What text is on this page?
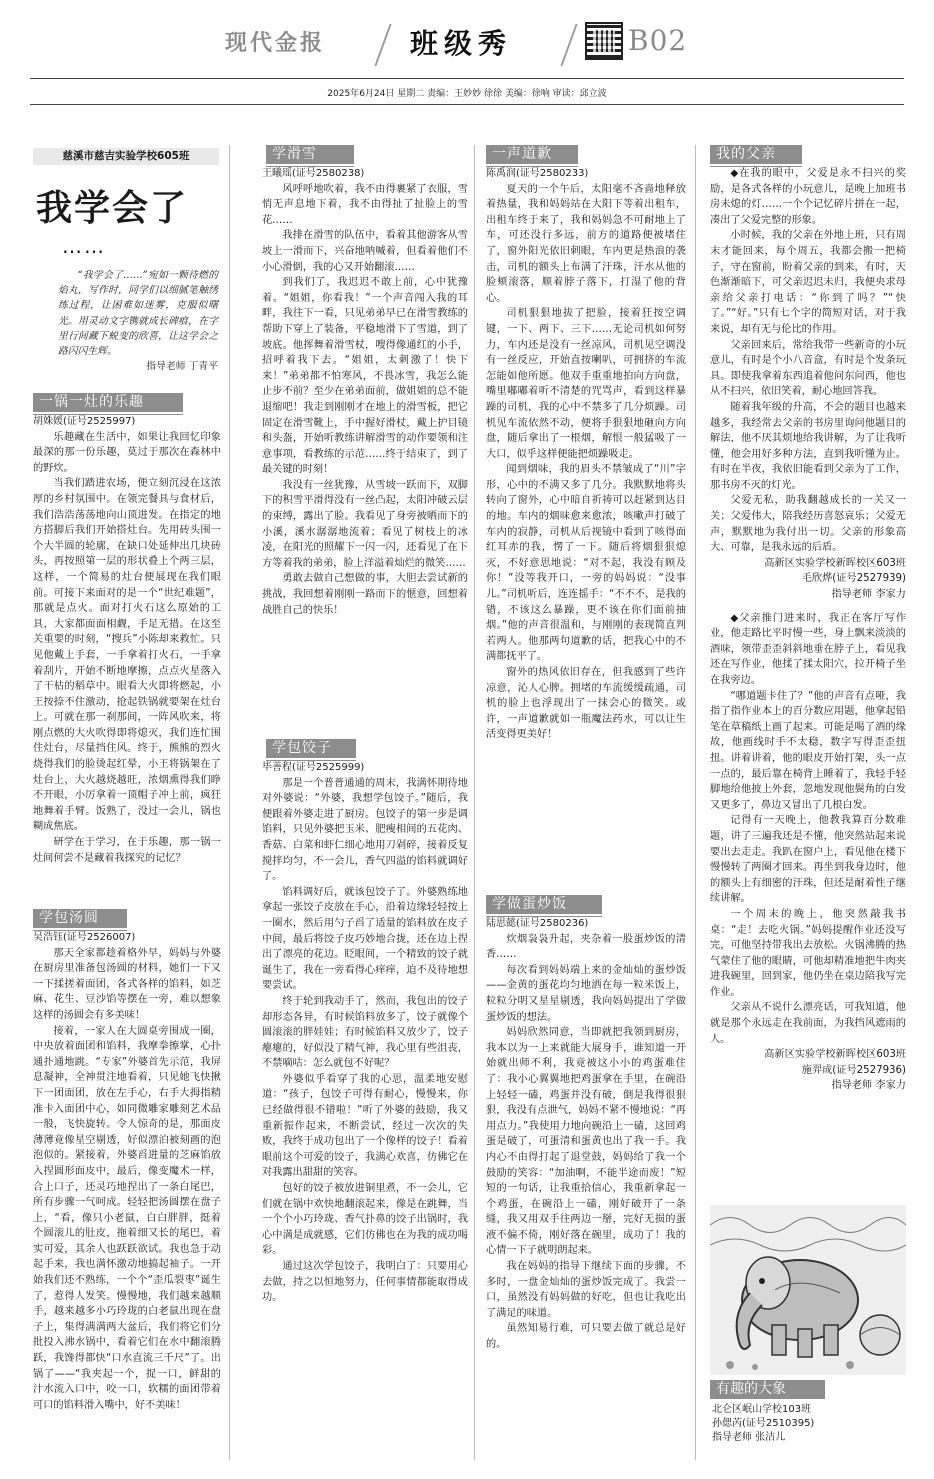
现代金报	班级秀	B02
2025年6月24日 星期二 责编：王妙妙 徐徐 美编：徐响 审读：邱立波
慈溪市慈吉实验学校605班
我学会了
……
“我学会了……”宛如一颗待燃的焰丸，写作时，同学们以细腻笔触绣练过程，让困难如迷雾，克服似曙光。用灵动文字镌就成长碑痕，在字里行间藏下蜕变的欣喜，让这学会之路闪闪生辉。
指导老师 丁青平
一锅一灶的乐趣

胡姝媛(证号2525997)

乐趣藏在生活中，如果让我回忆印象最深的那一份乐趣，莫过于那次在森林中的野炊。

当我们踏进农场，便立刻沉浸在这浓厚的乡村氛围中。在领完餐具与食材后，我们浩浩荡荡地向山顶进发。在指定的地方搭脚后我们开始搭灶台。先用砖头围一个大半圆的轮廓，在缺口处延伸出几块砖头，再按照第一层的形状叠上个两三层，这样，一个简易的灶台便展现在我们眼前。可接下来面对的是一个“世纪难题”，那就是点火。面对打火石这么原始的工具，大家都面面相觑，手足无措。在这至关重要的时刻，“搜兵”小陈却来救忙。只见他戴上手套，一手拿着打火石，一手拿着刮片，开始不断地摩擦，点点火星落入了干枯的稻草中。眼看大火即将燃起，小王按捺不住激动，抢起铁锅就要架在灶台上。可就在那一刹那间，一阵风吹来，将刚点燃的大火吹得即将熄灭，我们连忙围住灶台，尽量挡住风。终于，熊熊的烈火烧得我们的脸烫起红晕，小王将锅架在了灶台上，大火越烧越旺，浓烟熏得我们睁不开眼，小厉拿着一顶帽子冲上前，疯狂地舞着手臂。饭熟了，没过一会儿，锅也糊成焦底。

研学在于学习，在于乐趣，那一锅一灶间何尝不是藏着我探究的记忆？

学包汤圆

吴浩钰(证号2526007)

那天全家都趁着格外早，妈妈与外婆在厨房里准备包汤圆的材料，她们一下又一下揉搓着面团，各式各样的馅料，如芝麻、花生、豆沙馅等摆在一旁，难以想象这样的汤圆会有多美味！

接着，一家人在大圆桌旁围成一圈，中央放着面团和馅料，我摩拳擦掌，心扑通扑通地跳。“专家”外婆首先示范，我屏息凝神，全神贯注地看着，只见她飞快揪下一团面团，放在左手心，右手大拇指精准卡入面团中心，如同微雕家雕刻艺术品一般，飞快旋转。令人惊奇的是，那面皮薄薄竟像星空剔透，好似漂泊被刻画的泡泡似的。紧接着，外婆舀进量的芝麻馅放入捏圆形面皮中，最后，像变魔术一样，合上口子，还灵巧地捏出了一条白尾巴，所有步骤一气呵成。轻轻把汤圆摆在盘子上，“看，像只小老鼠，白白胖胖，挺着个圆滚儿的肚皮，拖着细又长的尾巴，着实可爱，其余人也跃跃欲试。我也急于动起手来，我也满怀激动地搞起袖子。一开始我们还不熟练，一个个“歪瓜裂枣”诞生了，惹得人发笑。慢慢地，我们越来越顺手，越来越多小巧玲珑的白老鼠出现在盘子上，集得满满两大盆后，我们将它们分批投入沸水锅中，看着它们在水中翻滚腾跃，我馋得都快“口水直流三千尺”了。出锅了——“我夹起一个，捉一口，鲜甜的汁水流入口中，咬一口，软糯的面团带着可口的馅料滑入嘴中，好不美味！

学滑雪

王曦瑶(证号2580238)

风呼呼地吹着，我不由得裹紧了衣服，雪悄无声息地下着，我不由得扯了扯脸上的雪花……

我排在滑雪的队伍中，看着其他游客从雪坡上一滑而下，兴奋地呐喊着，但看着他们不小心滑倒，我的心又开始翻滚……

到我们了，我迟迟不敢上前，心中犹豫着。“姐姐，你看我！”一个声音闯入我的耳畔，我往下一看，只见弟弟早已在滑雪教练的帮助下穿上了装备，平稳地滑下了雪道，到了坡底。他挥舞着滑雪杖，嗖得像通红的小手，招呼着我下去。“姐姐，太刺激了！快下来！”弟弟都不怕寒风，不畏冰雪，我怎么能止步不前？至少在弟弟面前，做姐姐的总不能退缩吧！我走到刚刚才在地上的滑雪板，把它固定在滑雪靴上，手中握好滑杖，戴上护目镜和头盔，开始听教练讲解滑雪的动作要领和注意事项，看教练的示范……终于结束了，到了最关键的时刻！

我没有一丝犹豫，从雪坡一跃而下，双脚下的积雪平滑得没有一丝凸起，太阳冲破云层的束缚，露出了脸。我看见了身旁被晒而下的小溪，溪水潺潺地流着；看见了树枝上的冰凌，在阳光的照耀下一闪一闪，还看见了在下方等着我的弟弟，脸上洋溢着灿烂的微笑……

勇敢去做自己想做的事，大胆去尝试新的挑战，我回想着刚刚一路而下的惬意，回想着战胜自己的快乐！

学包饺子

毕善程(证号2525999)

那是一个普普通通的周末，我满怀期待地对外婆说：“外婆，我想学包饺子。”随后，我便跟着外婆走进了厨房。包饺子的第一步是调馅料，只见外婆把玉米、肥瘦相间的五花肉、香菇、白菜和虾仁细心地用刀剁碎，接着反复搅拌均匀，不一会儿，香气四溢的馅料就调好了。

馅料调好后，就该包饺子了。外婆熟练地拿起一张饺子皮放在手心，沿着边缘轻轻按上一圈水，然后用勺子舀了适量的馅料放在皮子中间，最后将饺子皮巧妙地合拢，还在边上捏出了漂亮的花边。眨眼间，一个精致的饺子就诞生了，我在一旁看得心痒痒，迫不及待地想要尝试。

终于轮到我动手了，然而，我包出的饺子却形态各异，有时候馅料放多了，饺子就像个圆滚滚的胖娃娃；有时候馅料又放少了，饺子瘪瘪的，好似没了精气神，我心里有些沮丧，不禁嘀咕：怎么就包不好呢？

外婆似乎看穿了我的心思，温柔地安慰道：“孩子，包饺子可得有耐心，慢慢来，你已经做得很不错啦！”听了外婆的鼓励，我又重新振作起来，不断尝试，经过一次次的失败，我终于成功包出了一个像样的饺子！看着眼前这个可爱的饺子，我满心欢喜，仿佛它在对我露出甜甜的笑容。

包好的饺子被放进铜里煮，不一会儿，它们就在锅中欢快地翻滚起来，像是在跳舞，当一个个小巧玲珑、香气扑鼻的饺子出锅时，我心中满是成就感，它们仿佛也在为我的成功喝彩。

通过这次学包饺子，我明白了：只要用心去做，持之以恒地努力，任何事情都能取得成功。

一声道歉

陈禹润(证号2580233)

夏天的一个午后，太阳毫不吝啬地释放着热量，我和妈妈站在大阳下等着出租车，出租车终于来了，我和妈妈急不可耐地上了车，可还没行多远，前方的道路便被堵住了，窗外阳光依旧刺眼，车内更是热浪的袭击，司机的额头上布满了汗珠，汗水从他的脸颊滚落，顺着脖子落下，打湿了他的背心。

司机狠狠地拔了把脸，接着狂按空调键，一下、两下、三下……无论司机如何努力，车内还是没有一丝凉风，司机见空调没有一丝反应，开始直按喇叭，可拥挤的车流怎能如他所愿。他双手重重地拍向方向盘，嘴里嘟嘟着听不清楚的咒骂声，看到这样暴躁的司机，我的心中不禁多了几分烦躁。司机见车流依然不动，便将手狠狠地砸向方向盘，随后拿出了一根烟，解恨一般猛吸了一大口，似乎这样便能把烦躁吸走。

闻到烟味，我的眉头不禁皱成了“川”字形，心中的不满又多了几分。我默默地将头转向了窗外，心中暗自祈祷可以赶紧到达目的地。车内的烟味愈来愈浓，咳嗽声打破了车内的寂静，司机从后视镜中看到了咳得面红耳赤的我，愣了一下。随后将烟狠狠熄灭，不好意思地说：“对不起，我没有顾及你！”没等我开口，一旁的妈妈说：“没事儿。”司机听后，连连摇手：“不不不，是我的错，不该这么暴躁，更不该在你们面前抽烟。”他的声音很温和，与刚刚的表现简直判若两人。他那两句道歉的话，把我心中的不满都抚平了。

窗外的热风依旧存在，但我感到了些许凉意，沁人心脾。拥堵的车流缓缓疏通，司机的脸上也浮现出了一抹会心的微笑。或许，一声道歉就如一瓶魔法药水，可以让生活变得更美好！

学做蛋炒饭

陆思懿(证号2580236)

炊烟袅袅升起，夹杂着一股蛋炒饭的清香……

每次看到妈妈端上来的金灿灿的蛋炒饭——金黄的蛋花均匀地洒在每一粒米饭上，粒粒分明又星星剔透，我向妈妈提出了学做蛋炒饭的想法。

妈妈欣然同意，当即就把我领到厨房，我本以为一上来就能大展身手，谁知道一开始就出师不利，我竟被这小小的鸡蛋难住了：我小心翼翼地把鸡蛋拿在手里，在碗沿上轻轻一磕，鸡蛋并没有破，倒是我得很狠狠，我没有点泄气，妈妈不紧不慢地说：“再用点力。”我使用力地向碗沿上一磕，这回鸡蛋是破了，可蛋清和蛋黄也出了我一手。我内心不由得打起了退堂鼓，妈妈给了我一个鼓励的笑容：“加油啊，不能半途而废！”短短的一句话，让我重拾信心，我重新拿起一个鸡蛋，在碗沿上一磕，刚好破开了一条缝，我又用双手往两边一掰，完好无损的蛋液不偏不倚，刚好落在碗里，成功了！我的心情一下子就明朗起来。

我在妈妈的指导下继续下面的步骤，不多时，一盘金灿灿的蛋炒饭完成了。我尝一口，虽然没有妈妈做的好吃，但也让我吃出了满足的味道。

虽然知易行难，可只要去做了就总是好的。

我的父亲

◆在我的眼中，父爱是永不扫兴的奖励，是各式各样的小玩意儿，是晚上加班书房未熄的灯……一个个记忆碎片拼在一起，凑出了父爱完整的形象。

小时候，我的父亲在外地上班，只有周末才能回来，每个周五，我都会搬一把椅子，守在窗前，盼着父亲的到来，有时，天色渐渐暗下，可父亲迟迟未归，我便央求母亲给父亲打电话：“你到了吗？”“快了。”“好。”只有七个字的简短对话，对于我来说，却有无与伦比的作用。

父亲回来后，常给我带一些新奇的小玩意儿，有时是个小八音盒，有时是个发条玩具。即使我拿着东西追着他问东问西，他也从不扫兴，依旧笑着，耐心地回答我。

随着我年级的升高，不会的题目也越来越多，我经常去父亲的书房里询问他题目的解法，他不厌其烦地给我讲解，为了让我听懂，他会用好多种方法，直到我听懂为止。有时在半夜，我依旧能看到父亲为了工作，那书房不灭的灯光。

父爱无私，助我翻越成长的一关又一关；父爱伟大，陪我经历喜怒哀乐；父爱无声，默默地为我付出一切。父亲的形象高大、可靠，是我永远的后盾。

高新区实验学校新晖校区603班

毛欣烨(证号2527939)

指导老师 李家力

◆父亲推门进来时，我正在客厅写作业，他走路比平时慢一些，身上飘来淡淡的酒味，领带歪歪斜斜地垂在脖子上，看见我还在写作业，他揉了揉太阳穴，拉开椅子坐在我旁边。

“哪道题卡住了？”他的声音有点哑，我指了指作业本上的百分数应用题，他拿起铅笔在草稿纸上画了起来。可能是喝了酒的缘故，他画线时手不太稳，数字写得歪歪扭扭。讲着讲着，他的眼皮开始打架，头一点一点的，最后靠在椅背上睡着了，我轻手轻脚地给他披上外套，忽地发现他鬓角的白发又更多了，鼻边又冒出了几根白发。

记得有一天晚上，他教我算百分数难题，讲了三遍我还是不懂，他突然站起来说要出去走走。我趴在窗户上，看见他在楼下慢慢转了两圈才回来。再坐到我身边时，他的额头上有细密的汗珠，但还是耐着性子继续讲解。

一个周末的晚上，他突然敲我书桌：“走！去吃火锅。”妈妈提醒作业还没写完，可他坚持带我出去放松。火锅沸腾的热气蒙住了他的眼睛，可他却精准地把牛肉夹进我碗里，回到家，他仍坐在桌边陪我写完作业。

父亲从不说什么漂亮话，可我知道，他就是那个永远走在我前面，为我挡风遮雨的人。

高新区实验学校新晖校区603班

施羿成(证号2527936)

指导老师 李家力

有趣的大象
北仑区岷山学校103班
孙偲芮(证号2510395)
指导老师 张洁儿
